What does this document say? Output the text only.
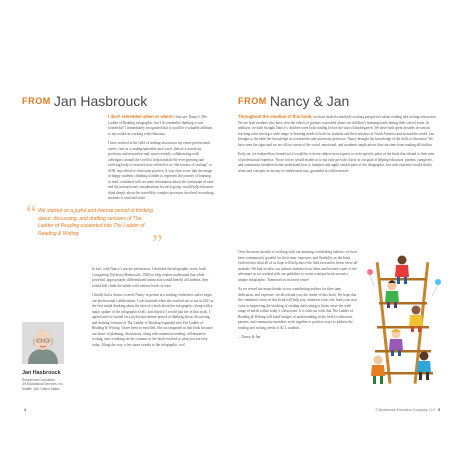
FROM Jan Hasbrouck

I don’t remember when or where I first saw Nancy’s The Ladder of Reading infographic, but I do remember thinking it was wonderful! I immediately recognized that it could be a valuable addition to my toolkit in working with educators.

I have worked in the field of reading instruction my entire professional career, first as a reading specialist and coach, then as a university professor and researcher and, more recently, collaborating with colleagues around the world to help translate the ever-growing and evolving body of research now referred to as “the science of reading” or SOR, into effective classroom practice. It was clear to me that the image of happy students climbing a ladder to represent the journey of learning to read, combined with accurate information about the continuum of ease and the instructional considerations for each group, would help educators think deeply about the incredibly complex processes involved in teaching students to read and write.

“ We started on a joyful and intense period of thinking about, discussing, and drafting versions of The Ladder of Reading expanded into The Ladder of Reading & Writing.	”

In fact, with Nancy’s sincere permission, I included the infographic in my book Conquering Dyslexia (Hasbrouck, 2020) to help readers understand that while powerful, appropriately differentiated instruction would benefit all students, they would still climb the ladder with various levels of ease.

I finally had a chance to meet Nancy in person at a reading conference and to begin our professional collaboration. I was honored when she reached out to me in 2021 at the first initial thinking about the idea of a book about her infographic, along with a major update of the infographic itself, and asked if I would join her in that work. I agreed and we started on a joyful and intense period of thinking about, discussing, and drafting versions of The Ladder of Reading expanded into The Ladder of Reading & Writing. I have been so enriched. She accompanied in this book because our hours of planning, discussions, along with numerous reading, collaborative writing, and co-editing on the contents of the book evolved to what you see here today. Along the way, a few more tweaks to the infographic, too!

Jan Hasbrouck

Researcher/Consultant
JH Educational Services, Inc.
Seattle, WA, United States
4
FROM Nancy & Jan

Throughout the creation of this book, we have shared a similarly exciting perspective about reading and writing instruction. We are both mothers who have seen the effects of parents concerned about our children’s learning needs during their school years. In addition, we both brought Nancy’s children were both reading before the start of kindergarten. We have both spent decades in various teaching roles serving a wide range of learning needs of both for students and their teachers in North America and around the world. Jan brought to the table her knowledge as a researcher and university professor. Nancy brought her knowledge of the field of education. We have seen the signs and we are all too aware of the social, emotional, and academic implications that can stem from reading difficulties.

Early on, we realized how beneficial it would be to invite subject-area experts to write specific parts of the book that related to their area of professional expertise. Those voices would enable us to not only provide clarity in our goal of helping educators, parents, caregivers, and community members better understand how to interpret and apply certain parts of the infographic, but such expertise would clarify terms and concepts in an easy-to-understand way, grounded in solid research.

Over the many months of working with our amazing contributing authors, we have been continuously grateful for their time, expertise, and flexibility as the book evolved into what all of us hope will help move the field forward to better serve all students. We had an idea: our authors embraced our ideas and became a part of the adventure as we worked with our publisher to create a unique book around a unique infographic. Teamwork in its truest sense!

As we reread our many thanks to our contributing authors for their time, dedication, and expertise, we also thank you, the reader of this book. We hope that the combined voices in this book will help you, whatever your role, lend your own voice to improving the teaching of reading and writing to better serve the wide range of needs within today’s classrooms. It is with our wish that The Ladder of Reading & Writing will build bridges of understanding in the field so educators, parents, and community members work together to position ways to address the reading and writing needs of ALL students.

—Nancy & Jan

© Benchmark Education Company, LLC 5
